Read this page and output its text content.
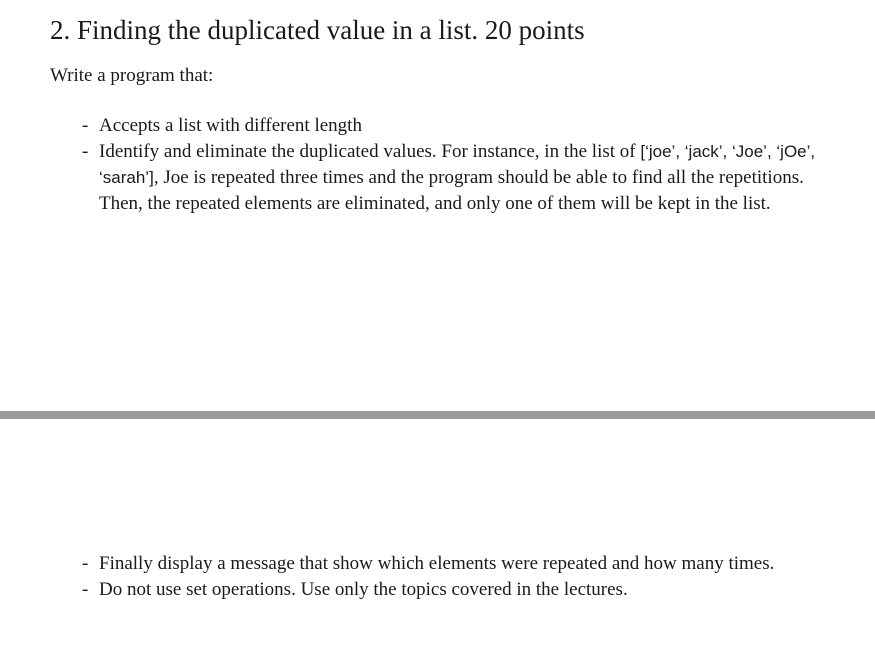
2. Finding the duplicated value in a list. 20 points
Write a program that:
- Accepts a list with different length
- Identify and eliminate the duplicated values. For instance, in the list of [‘joe’, ‘jack’, ‘Joe’, ‘jOe’, ‘sarah’], Joe is repeated three times and the program should be able to find all the repetitions. Then, the repeated elements are eliminated, and only one of them will be kept in the list.
- Finally display a message that show which elements were repeated and how many times.
- Do not use set operations. Use only the topics covered in the lectures.
